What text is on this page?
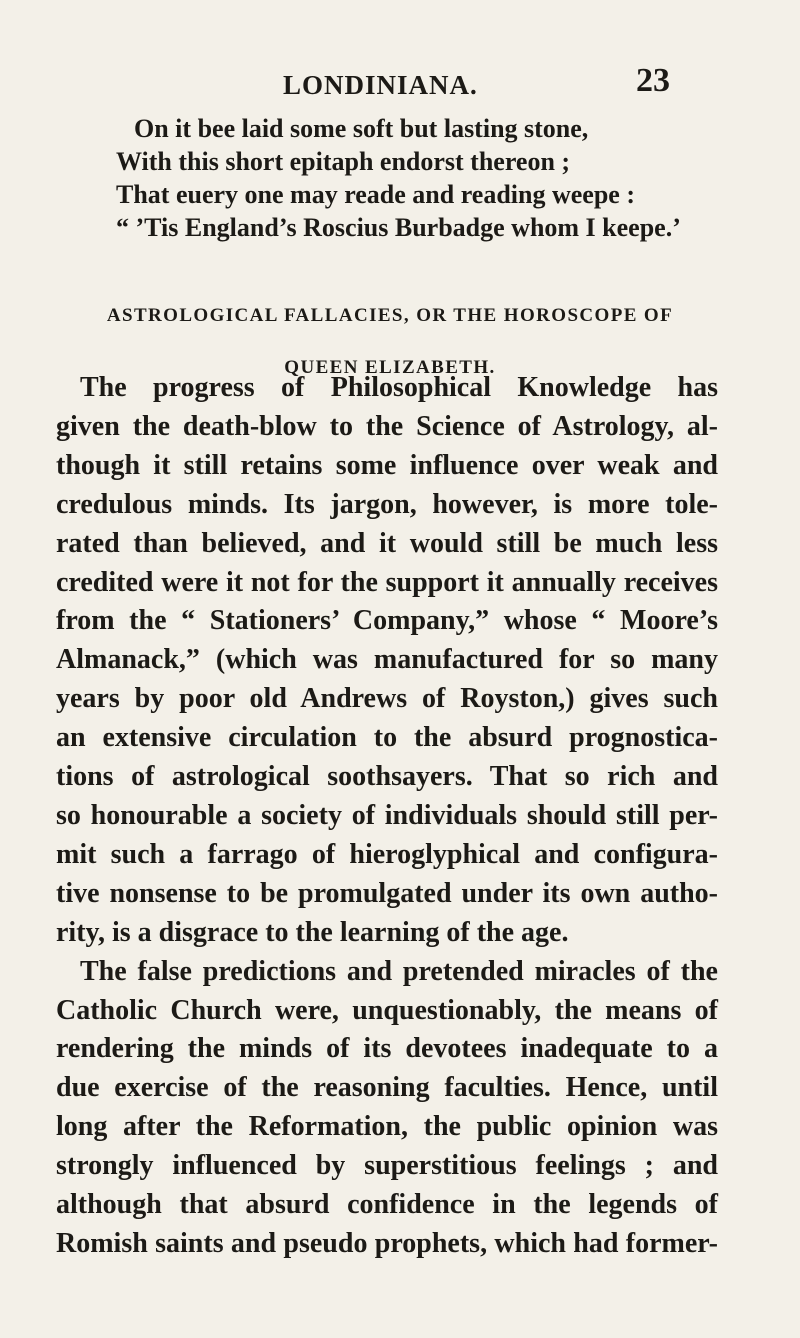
LONDINIANA.	23
On it bee laid some soft but lasting stone,
With this short epitaph endorst thereon ;
That euery one may reade and reading weepe :
“ ’Tis England’s Roscius Burbadge whom I keepe.’
ASTROLOGICAL FALLACIES, OR THE HOROSCOPE OF
QUEEN ELIZABETH.
The progress of Philosophical Knowledge has
given the death-blow to the Science of Astrology, al-
though it still retains some influence over weak and
credulous minds. Its jargon, however, is more tole-
rated than believed, and it would still be much less
credited were it not for the support it annually receives
from the “ Stationers’ Company,” whose “ Moore’s
Almanack,” (which was manufactured for so many
years by poor old Andrews of Royston,) gives such
an extensive circulation to the absurd prognostica-
tions of astrological soothsayers. That so rich and
so honourable a society of individuals should still per-
mit such a farrago of hieroglyphical and configura-
tive nonsense to be promulgated under its own autho-
rity, is a disgrace to the learning of the age.
The false predictions and pretended miracles of the
Catholic Church were, unquestionably, the means of
rendering the minds of its devotees inadequate to a
due exercise of the reasoning faculties. Hence, until
long after the Reformation, the public opinion was
strongly influenced by superstitious feelings ; and
although that absurd confidence in the legends of
Romish saints and pseudo prophets, which had former-
